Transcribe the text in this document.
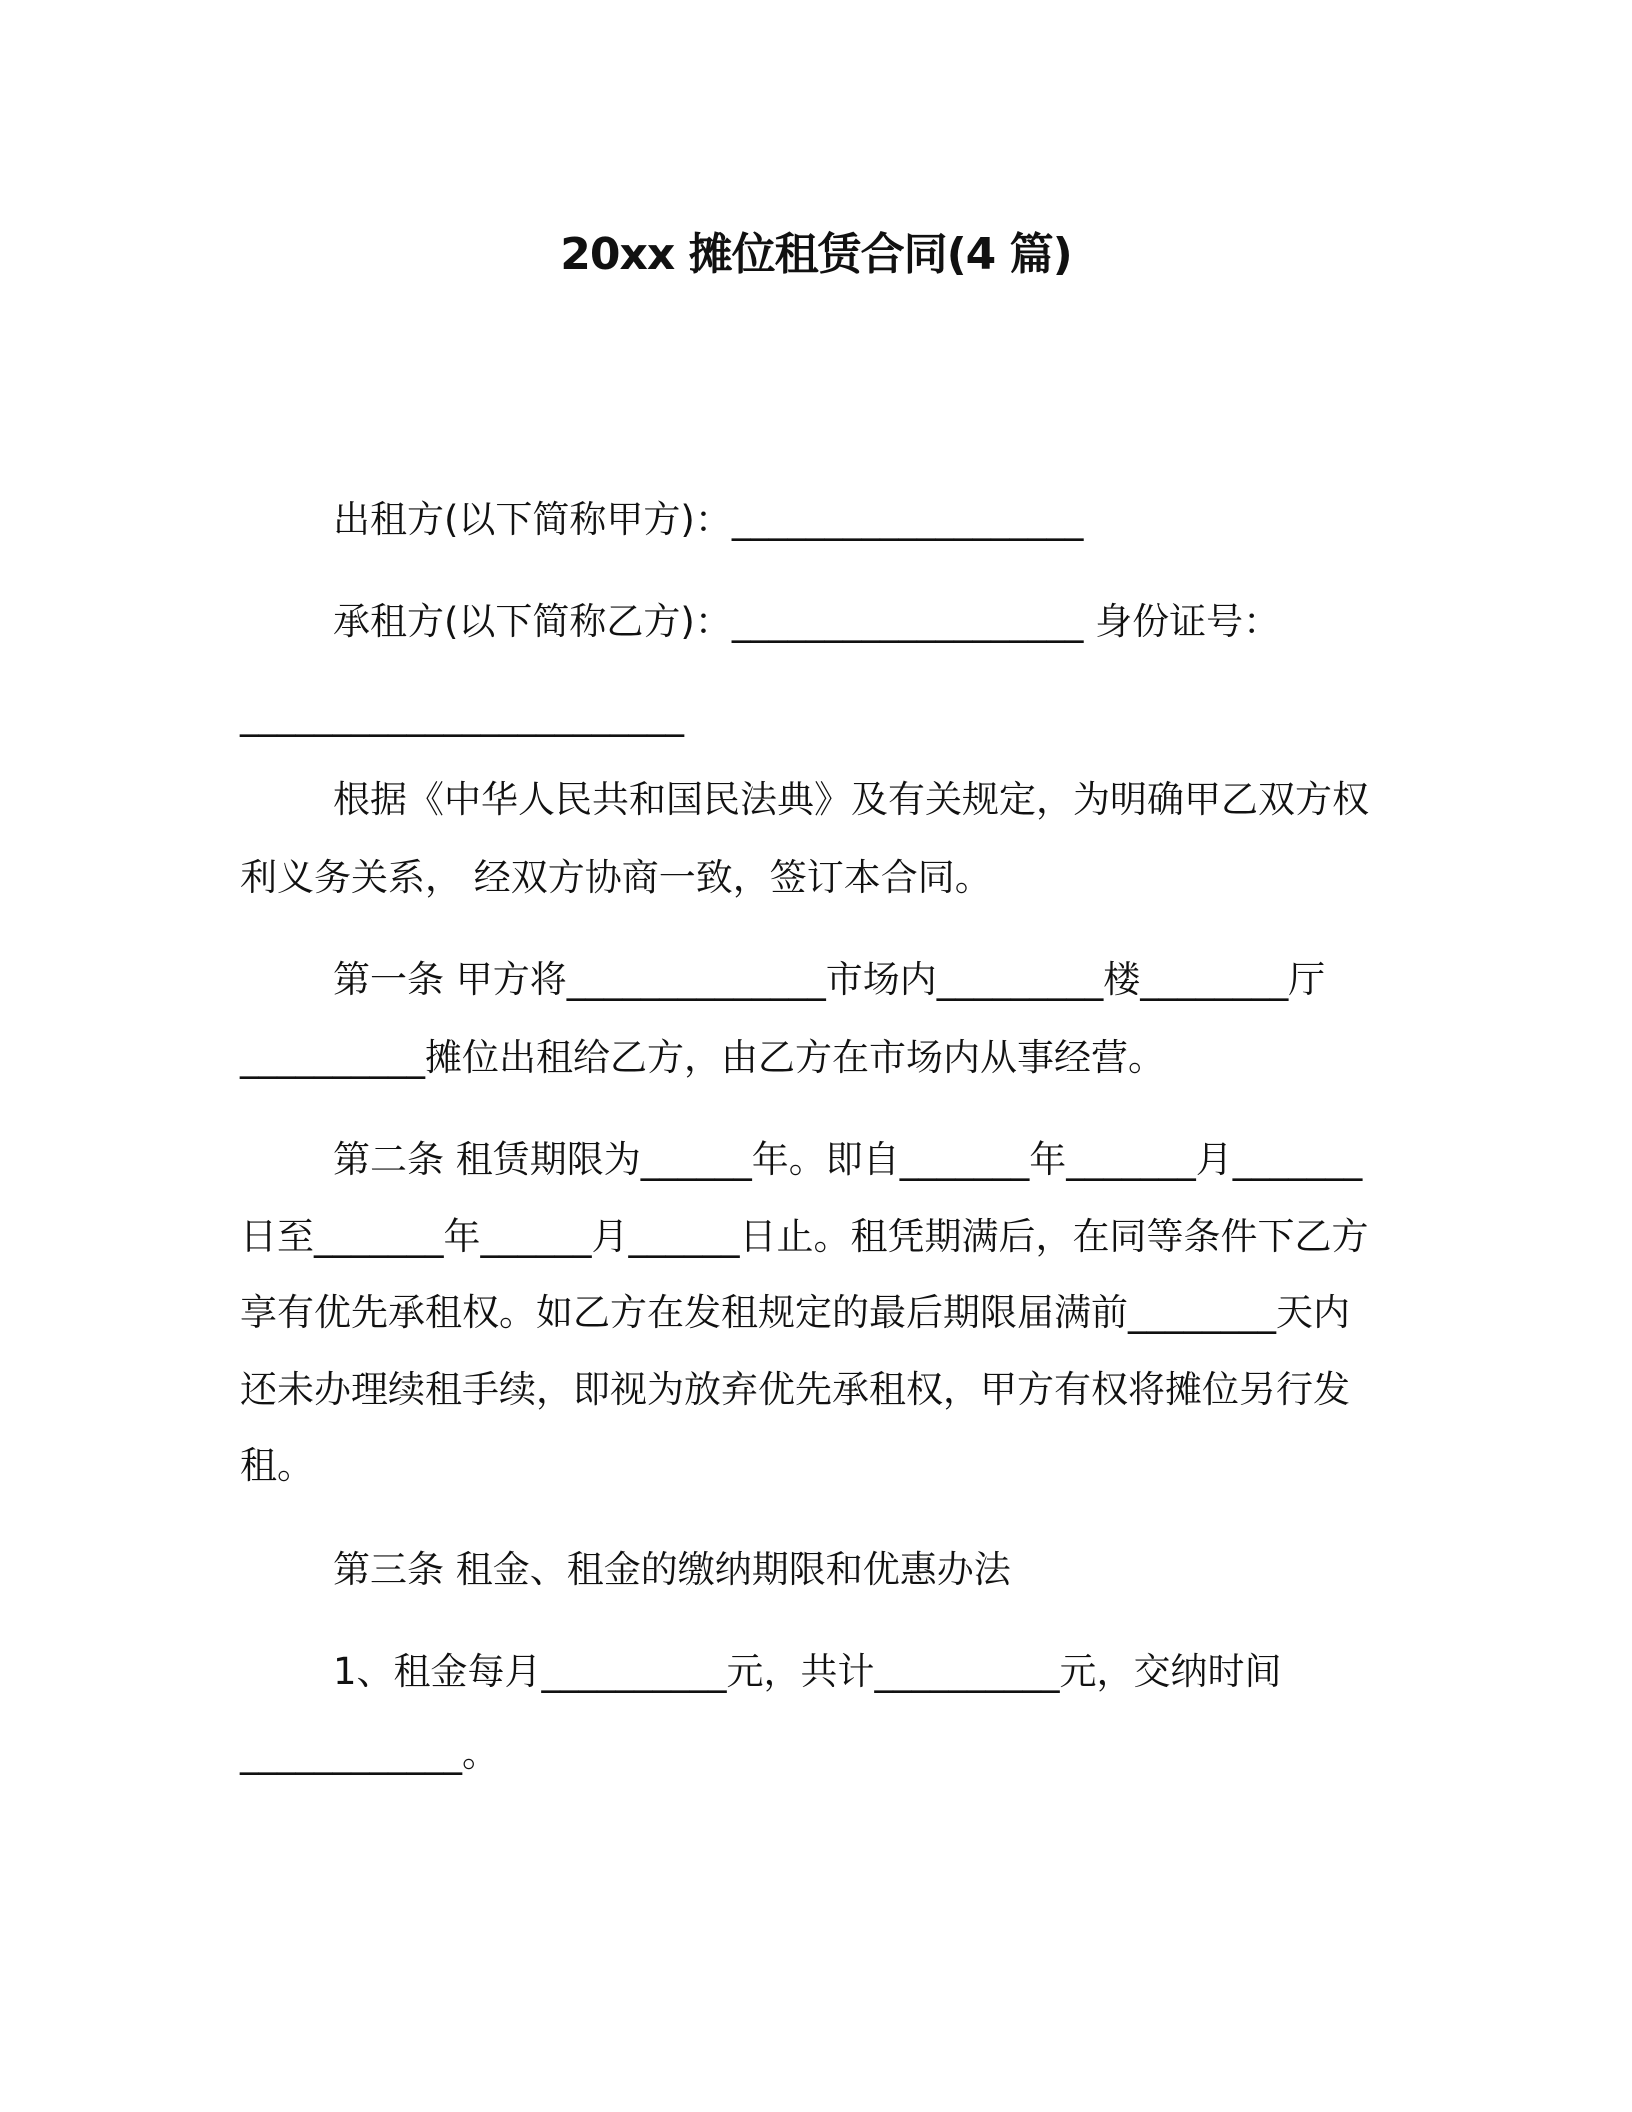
20xx 摊位租赁合同(4 篇)
出租方(以下简称甲方)：___________________
承租方(以下简称乙方)：___________________ 身份证号：
________________________
根据《中华人民共和国民法典》及有关规定，为明确甲乙双方权
利义务关系， 经双方协商一致，签订本合同。
第一条 甲方将______________市场内_________楼________厅
__________摊位出租给乙方，由乙方在市场内从事经营。
第二条 租赁期限为______年。即自_______年_______月_______
日至_______年______月______日止。租凭期满后，在同等条件下乙方
享有优先承租权。如乙方在发租规定的最后期限届满前________天内
还未办理续租手续，即视为放弃优先承租权，甲方有权将摊位另行发
租。
第三条 租金、租金的缴纳期限和优惠办法
1、租金每月__________元，共计__________元，交纳时间
____________。
